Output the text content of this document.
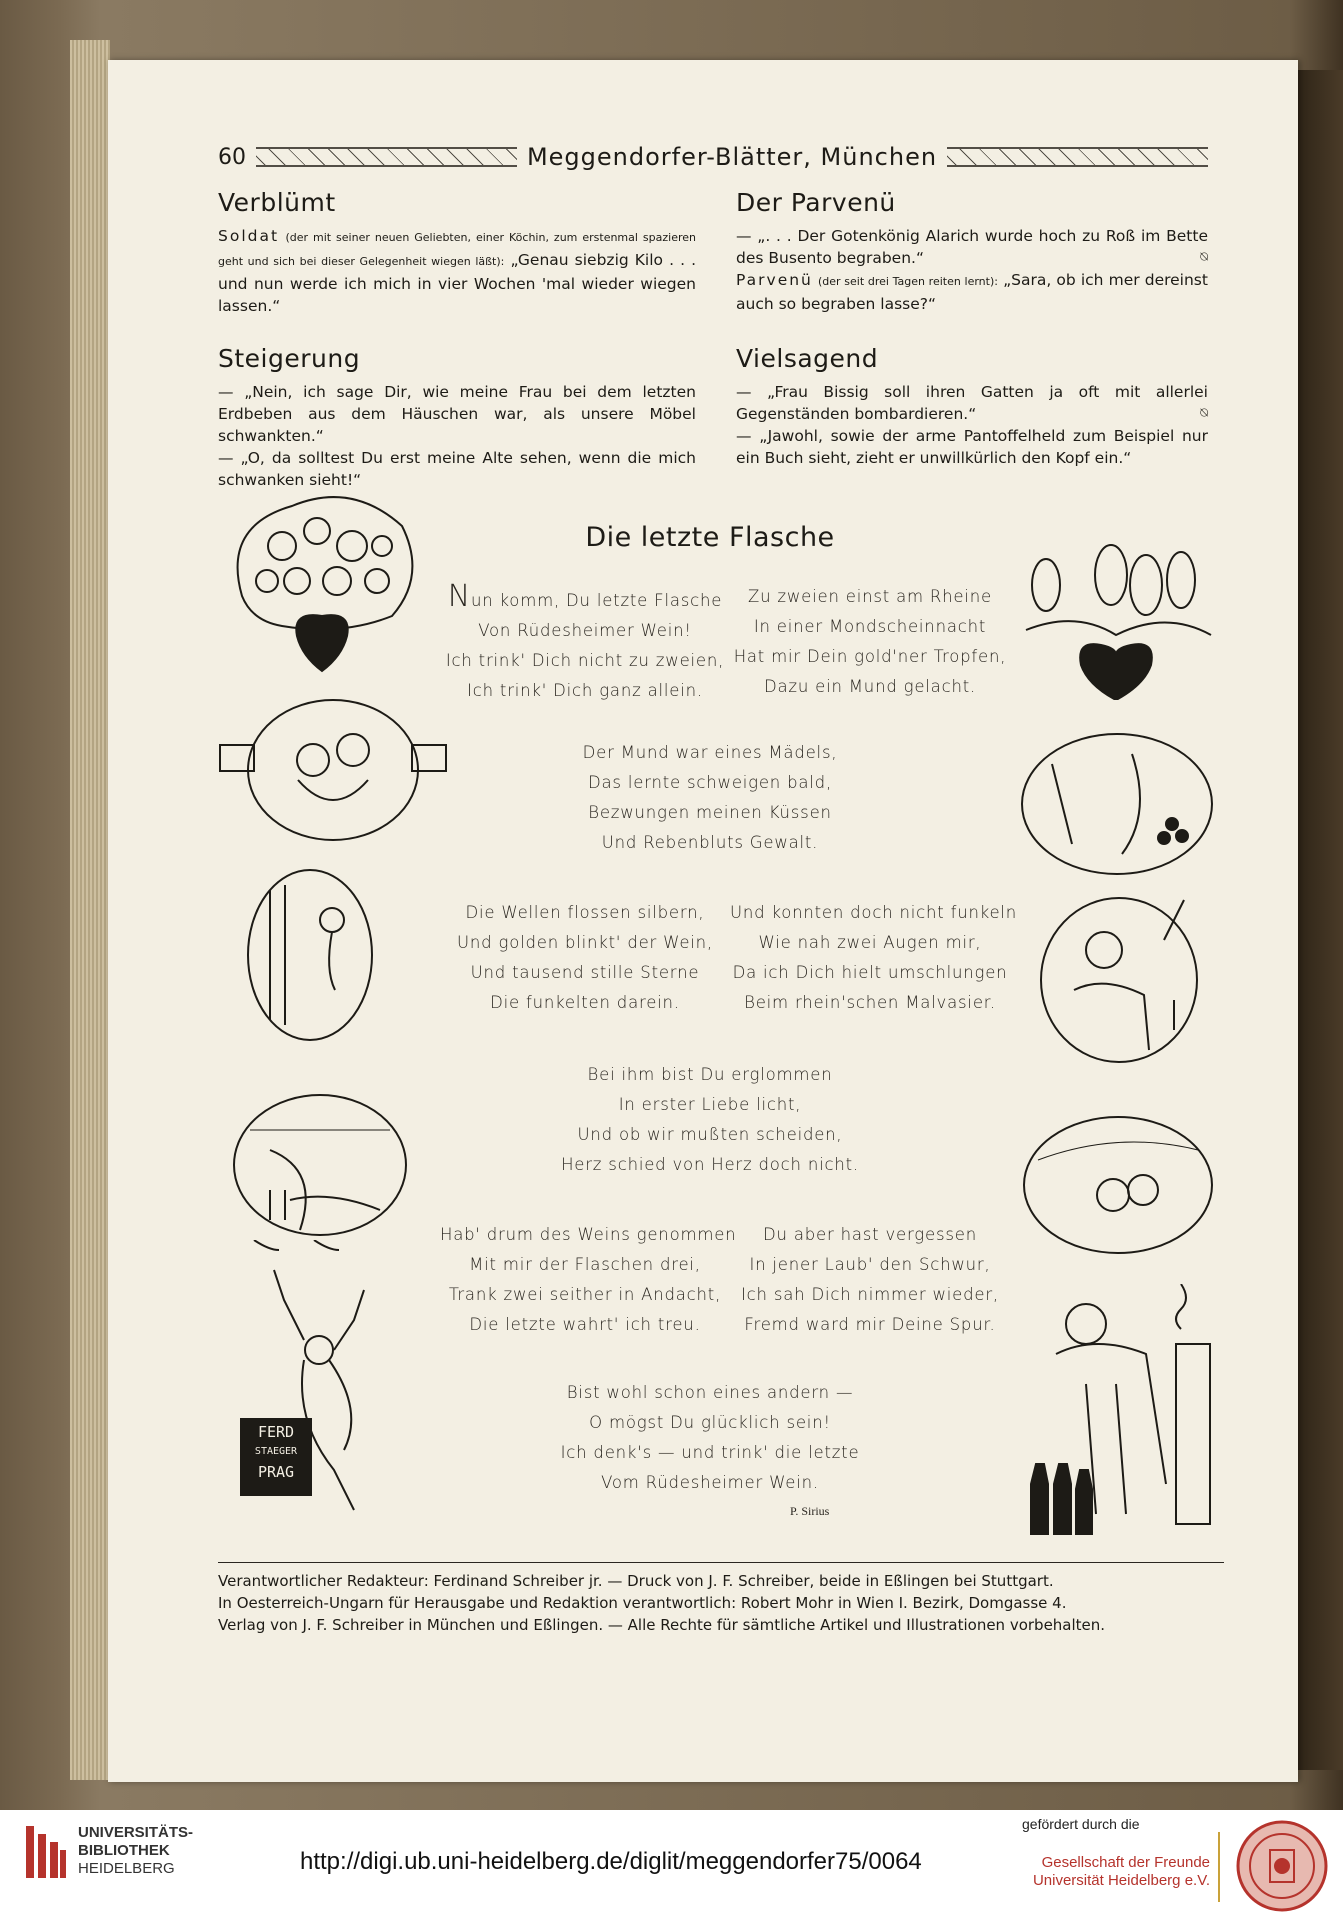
60	Meggendorfer-Blätter, München
Verblümt

Soldat (der mit seiner neuen Geliebten, einer Köchin, zum erstenmal spazieren geht und sich bei dieser Gelegenheit wiegen läßt): „Genau siebzig Kilo . . . und nun werde ich mich in vier Wochen 'mal wieder wiegen lassen.“

Der Parvenü

— „. . . Der Gotenkönig Alarich wurde hoch zu Roß im Bette des Busento begraben.“	⍉

Parvenü (der seit drei Tagen reiten lernt): „Sara, ob ich mer dereinst auch so begraben lasse?“

Steigerung

— „Nein, ich sage Dir, wie meine Frau bei dem letzten Erdbeben aus dem Häuschen war, als unsere Möbel schwankten.“
— „O, da solltest Du erst meine Alte sehen, wenn die mich schwanken sieht!“

Vielsagend

— „Frau Bissig soll ihren Gatten ja oft mit allerlei Gegenständen bombardieren.“	⍉

— „Jawohl, sowie der arme Pantoffelheld zum Beispiel nur ein Buch sieht, zieht er unwillkürlich den Kopf ein.“

Die letzte Flasche
Nun komm, Du letzte Flasche
Von Rüdesheimer Wein!
Ich trink' Dich nicht zu zweien,
Ich trink' Dich ganz allein.
Zu zweien einst am Rheine
In einer Mondscheinnacht
Hat mir Dein gold'ner Tropfen,
Dazu ein Mund gelacht.
Der Mund war eines Mädels,
Das lernte schweigen bald,
Bezwungen meinen Küssen
Und Rebenbluts Gewalt.
Die Wellen flossen silbern,
Und golden blinkt' der Wein,
Und tausend stille Sterne
Die funkelten darein.
Und konnten doch nicht funkeln
Wie nah zwei Augen mir,
Da ich Dich hielt umschlungen
Beim rhein'schen Malvasier.
Bei ihm bist Du erglommen
In erster Liebe licht,
Und ob wir mußten scheiden,
Herz schied von Herz doch nicht.
Hab' drum des Weins genommen
Mit mir der Flaschen drei,
Trank zwei seither in Andacht,
Die letzte wahrt' ich treu.
Du aber hast vergessen
In jener Laub' den Schwur,
Ich sah Dich nimmer wieder,
Fremd ward mir Deine Spur.
Bist wohl schon eines andern —
O mögst Du glücklich sein!
Ich denk's — und trink' die letzte
Vom Rüdesheimer Wein.
P. Sirius
FERD
STAEGER
PRAG
Verantwortlicher Redakteur: Ferdinand Schreiber jr. — Druck von J. F. Schreiber, beide in Eßlingen bei Stuttgart.
In Oesterreich-Ungarn für Herausgabe und Redaktion verantwortlich: Robert Mohr in Wien I. Bezirk, Domgasse 4.
Verlag von J. F. Schreiber in München und Eßlingen. — Alle Rechte für sämtliche Artikel und Illustrationen vorbehalten.
UNIVERSITÄTS-
BIBLIOTHEK
HEIDELBERG	http://digi.ub.uni-heidelberg.de/diglit/meggendorfer75/0064
gefördert durch die
Gesellschaft der Freunde
Universität Heidelberg e.V.
